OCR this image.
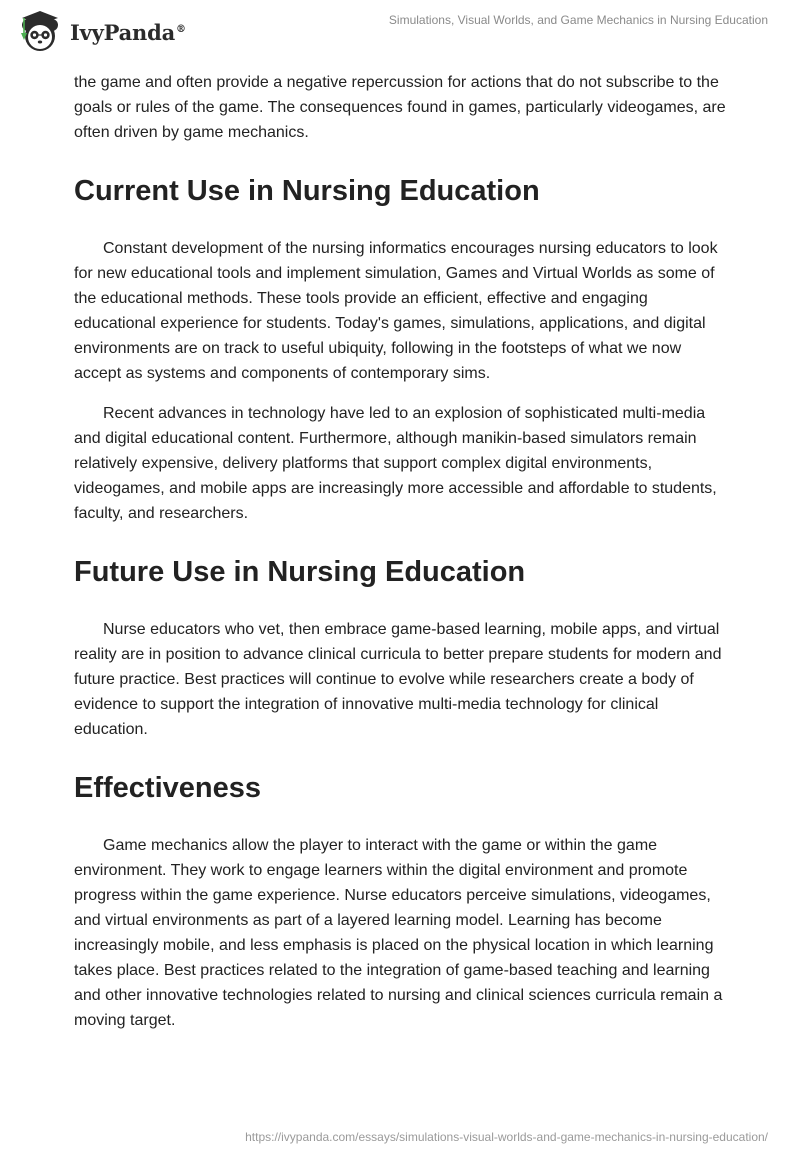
IvyPanda®
Simulations, Visual Worlds, and Game Mechanics in Nursing Education

the game and often provide a negative repercussion for actions that do not subscribe to the goals or rules of the game. The consequences found in games, particularly videogames, are often driven by game mechanics.

Current Use in Nursing Education

Constant development of the nursing informatics encourages nursing educators to look for new educational tools and implement simulation, Games and Virtual Worlds as some of the educational methods. These tools provide an efficient, effective and engaging educational experience for students. Today's games, simulations, applications, and digital environments are on track to useful ubiquity, following in the footsteps of what we now accept as systems and components of contemporary sims.

Recent advances in technology have led to an explosion of sophisticated multi-media and digital educational content. Furthermore, although manikin-based simulators remain relatively expensive, delivery platforms that support complex digital environments, videogames, and mobile apps are increasingly more accessible and affordable to students, faculty, and researchers.

Future Use in Nursing Education

Nurse educators who vet, then embrace game-based learning, mobile apps, and virtual reality are in position to advance clinical curricula to better prepare students for modern and future practice. Best practices will continue to evolve while researchers create a body of evidence to support the integration of innovative multi-media technology for clinical education.

Effectiveness

Game mechanics allow the player to interact with the game or within the game environment. They work to engage learners within the digital environment and promote progress within the game experience. Nurse educators perceive simulations, videogames, and virtual environments as part of a layered learning model. Learning has become increasingly mobile, and less emphasis is placed on the physical location in which learning takes place. Best practices related to the integration of game-based teaching and learning and other innovative technologies related to nursing and clinical sciences curricula remain a moving target.

https://ivypanda.com/essays/simulations-visual-worlds-and-game-mechanics-in-nursing-education/
